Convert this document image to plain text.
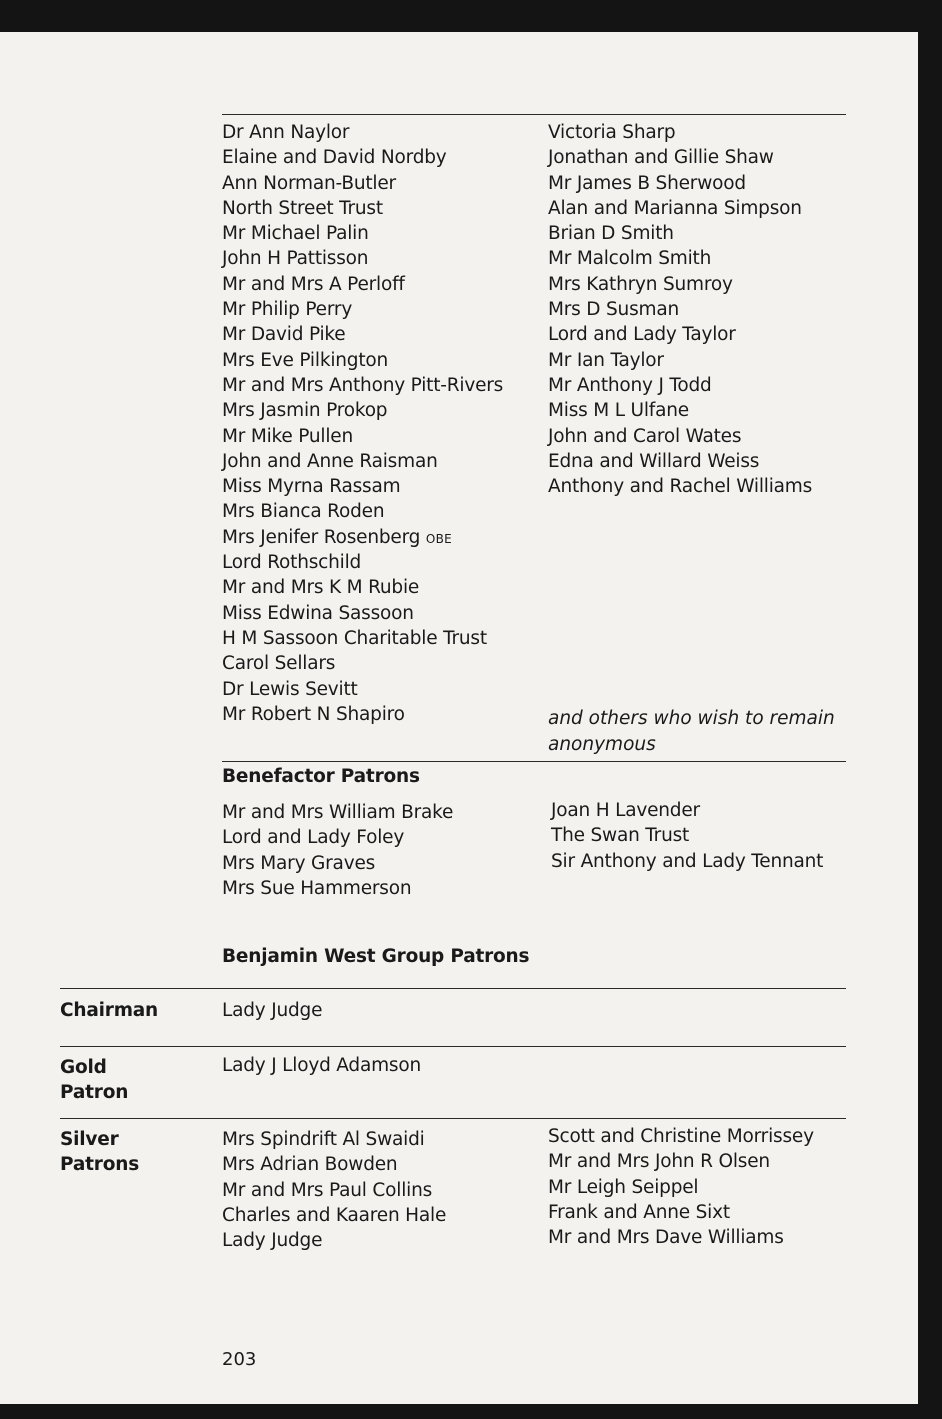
Dr Ann Naylor
Elaine and David Nordby
Ann Norman-Butler
North Street Trust
Mr Michael Palin
John H Pattisson
Mr and Mrs A Perloff
Mr Philip Perry
Mr David Pike
Mrs Eve Pilkington
Mr and Mrs Anthony Pitt-Rivers
Mrs Jasmin Prokop
Mr Mike Pullen
John and Anne Raisman
Miss Myrna Rassam
Mrs Bianca Roden
Mrs Jenifer Rosenberg OBE
Lord Rothschild
Mr and Mrs K M Rubie
Miss Edwina Sassoon
H M Sassoon Charitable Trust
Carol Sellars
Dr Lewis Sevitt
Mr Robert N Shapiro
Victoria Sharp
Jonathan and Gillie Shaw
Mr James B Sherwood
Alan and Marianna Simpson
Brian D Smith
Mr Malcolm Smith
Mrs Kathryn Sumroy
Mrs D Susman
Lord and Lady Taylor
Mr Ian Taylor
Mr Anthony J Todd
Miss M L Ulfane
John and Carol Wates
Edna and Willard Weiss
Anthony and Rachel Williams
and others who wish to remain
anonymous
Benefactor Patrons
Mr and Mrs William Brake
Lord and Lady Foley
Mrs Mary Graves
Mrs Sue Hammerson
Joan H Lavender
The Swan Trust
Sir Anthony and Lady Tennant
Benjamin West Group Patrons
Chairman	Lady Judge
Gold
Patron
Lady J Lloyd Adamson
Silver
Patrons
Mrs Spindrift Al Swaidi
Mrs Adrian Bowden
Mr and Mrs Paul Collins
Charles and Kaaren Hale
Lady Judge
Scott and Christine Morrissey
Mr and Mrs John R Olsen
Mr Leigh Seippel
Frank and Anne Sixt
Mr and Mrs Dave Williams
203
